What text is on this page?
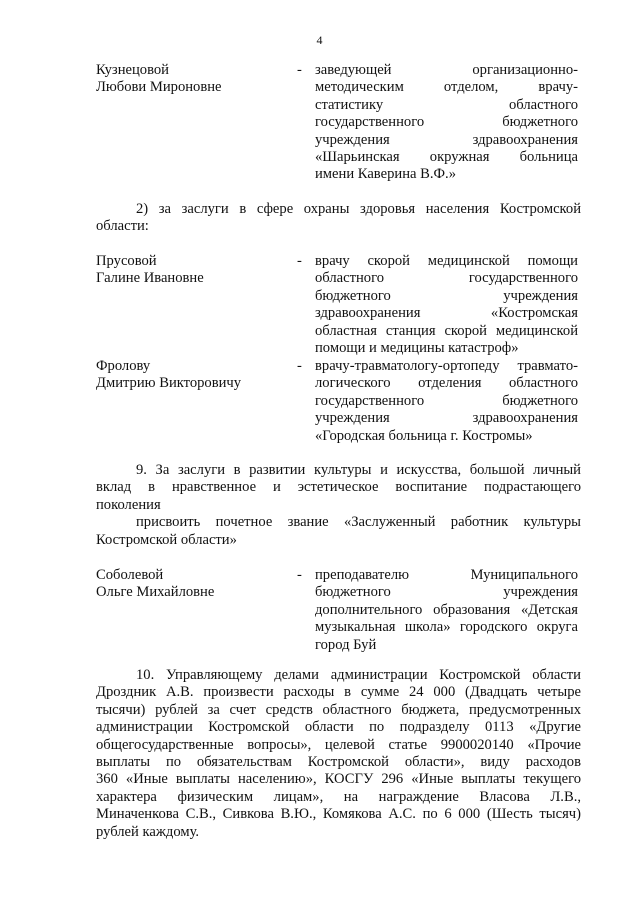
4
Кузнецовой
Любови Мироновне
- заведующей организационно-
методическим отделом, врачу-
статистику областного
государственного бюджетного
учреждения здравоохранения
«Шарьинская окружная больница
имени Каверина В.Ф.»
2) за заслуги в сфере охраны здоровья населения Костромской
области:
Прусовой
Галине Ивановне
- врачу скорой медицинской помощи
областного государственного
бюджетного учреждения
здравоохранения «Костромская
областная станция скорой медицинской
помощи и медицины катастроф»
Фролову
Дмитрию Викторовичу
- врачу-травматологу-ортопеду травмато-
логического отделения областного
государственного бюджетного
учреждения здравоохранения
«Городская больница г. Костромы»
9. За заслуги в развитии культуры и искусства, большой личный
вклад в нравственное и эстетическое воспитание подрастающего
поколения
присвоить почетное звание «Заслуженный работник культуры
Костромской области»
Соболевой
Ольге Михайловне
- преподавателю Муниципального
бюджетного учреждения
дополнительного образования «Детская
музыкальная школа» городского округа
город Буй
10. Управляющему делами администрации Костромской области
Дроздник А.В. произвести расходы в сумме 24 000 (Двадцать четыре
тысячи) рублей за счет средств областного бюджета, предусмотренных
администрации Костромской области по подразделу 0113 «Другие
общегосударственные вопросы», целевой статье 9900020140 «Прочие
выплаты по обязательствам Костромской области», виду расходов
360 «Иные выплаты населению», КОСГУ 296 «Иные выплаты текущего
характера физическим лицам», на награждение Власова Л.В.,
Миначенкова С.В., Сивкова В.Ю., Комякова А.С. по 6 000 (Шесть тысяч)
рублей каждому.
